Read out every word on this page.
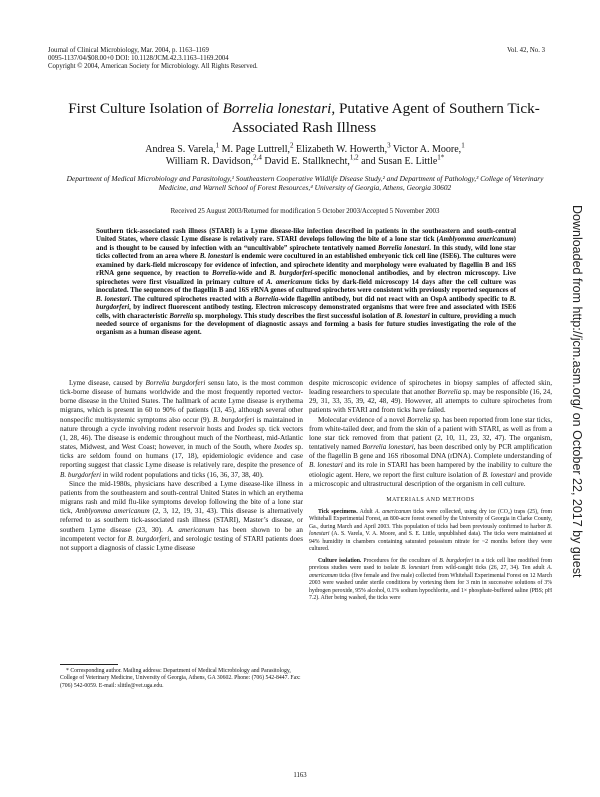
Journal of Clinical Microbiology, Mar. 2004, p. 1163–1169
0095-1137/04/$08.00+0 DOI: 10.1128/JCM.42.3.1163–1169.2004
Copyright © 2004, American Society for Microbiology. All Rights Reserved.
Vol. 42, No. 3
First Culture Isolation of Borrelia lonestari, Putative Agent of Southern Tick-Associated Rash Illness
Andrea S. Varela,$^1$ M. Page Luttrell,$^2$ Elizabeth W. Howerth,$^3$ Victor A. Moore,$^1$
William R. Davidson,$^{2,4}$ David E. Stallknecht,$^{1,2}$ and Susan E. Little$^{1*}$
Department of Medical Microbiology and Parasitology,¹ Southeastern Cooperative Wildlife Disease Study,² and Department of Pathology,³ College of Veterinary Medicine, and Warnell School of Forest Resources,⁴ University of Georgia, Athens, Georgia 30602
Received 25 August 2003/Returned for modification 5 October 2003/Accepted 5 November 2003
Southern tick-associated rash illness (STARI) is a Lyme disease-like infection described in patients in the southeastern and south-central United States, where classic Lyme disease is relatively rare. STARI develops following the bite of a lone star tick (Amblyomma americanum) and is thought to be caused by infection with an “uncultivable” spirochete tentatively named Borrelia lonestari. In this study, wild lone star ticks collected from an area where B. lonestari is endemic were cocultured in an established embryonic tick cell line (ISE6). The cultures were examined by dark-field microscopy for evidence of infection, and spirochete identity and morphology were evaluated by flagellin B and 16S rRNA gene sequence, by reaction to Borrelia-wide and B. burgdorferi-specific monoclonal antibodies, and by electron microscopy. Live spirochetes were first visualized in primary culture of A. americanum ticks by dark-field microscopy 14 days after the cell culture was inoculated. The sequences of the flagellin B and 16S rRNA genes of cultured spirochetes were consistent with previously reported sequences of B. lonestari. The cultured spirochetes reacted with a Borrelia-wide flagellin antibody, but did not react with an OspA antibody specific to B. burgdorferi, by indirect fluorescent antibody testing. Electron microscopy demonstrated organisms that were free and associated with ISE6 cells, with characteristic Borrelia sp. morphology. This study describes the first successful isolation of B. lonestari in culture, providing a much needed source of organisms for the development of diagnostic assays and forming a basis for future studies investigating the role of the organism as a human disease agent.

Lyme disease, caused by Borrelia burgdorferi sensu lato, is the most common tick-borne disease of humans worldwide and the most frequently reported vector-borne disease in the United States. The hallmark of acute Lyme disease is erythema migrans, which is present in 60 to 90% of patients (13, 45), although several other nonspecific multisystemic symptoms also occur (9). B. burgdorferi is maintained in nature through a cycle involving rodent reservoir hosts and Ixodes sp. tick vectors (1, 28, 46). The disease is endemic throughout much of the Northeast, mid-Atlantic states, Midwest, and West Coast; however, in much of the South, where Ixodes sp. ticks are seldom found on humans (17, 18), epidemiologic evidence and case reporting suggest that classic Lyme disease is relatively rare, despite the presence of B. burgdorferi in wild rodent populations and ticks (16, 36, 37, 38, 40).

Since the mid-1980s, physicians have described a Lyme disease-like illness in patients from the southeastern and south-central United States in which an erythema migrans rash and mild flu-like symptoms develop following the bite of a lone star tick, Amblyomma americanum (2, 3, 12, 19, 31, 43). This disease is alternatively referred to as southern tick-associated rash illness (STARI), Master’s disease, or southern Lyme disease (23, 30). A. americanum has been shown to be an incompetent vector for B. burgdorferi, and serologic testing of STARI patients does not support a diagnosis of classic Lyme disease

despite microscopic evidence of spirochetes in biopsy samples of affected skin, leading researchers to speculate that another Borrelia sp. may be responsible (16, 24, 29, 31, 33, 35, 39, 42, 48, 49). However, all attempts to culture spirochetes from patients with STARI and from ticks have failed.

Molecular evidence of a novel Borrelia sp. has been reported from lone star ticks, from white-tailed deer, and from the skin of a patient with STARI, as well as from a lone star tick removed from that patient (2, 10, 11, 23, 32, 47). The organism, tentatively named Borrelia lonestari, has been described only by PCR amplification of the flagellin B gene and 16S ribosomal DNA (rDNA). Complete understanding of B. lonestari and its role in STARI has been hampered by the inability to culture the etiologic agent. Here, we report the first culture isolation of B. lonestari and provide a microscopic and ultrastructural description of the organism in cell culture.

MATERIALS AND METHODS

Tick specimens. Adult A. americanum ticks were collected, using dry ice (CO₂) traps (25), from Whitehall Experimental Forest, an 800-acre forest owned by the University of Georgia in Clarke County, Ga., during March and April 2003. This population of ticks had been previously confirmed to harbor B. lonestari (A. S. Varela, V. A. Moore, and S. E. Little, unpublished data). The ticks were maintained at 94% humidity in chambers containing saturated potassium nitrate for ~2 months before they were cultured.

Culture isolation. Procedures for the coculture of B. burgdorferi in a tick cell line modified from previous studies were used to isolate B. lonestari from wild-caught ticks (26, 27, 34). Ten adult A. americanum ticks (five female and five male) collected from Whitehall Experimental Forest on 12 March 2003 were washed under sterile conditions by vortexing them for 3 min in successive solutions of 3% hydrogen peroxide, 95% alcohol, 0.1% sodium hypochlorite, and 1× phosphate-buffered saline (PBS; pH 7.2). After being washed, the ticks were

* Corresponding author. Mailing address: Department of Medical Microbiology and Parasitology, College of Veterinary Medicine, University of Georgia, Athens, GA 30602. Phone: (706) 542-8447. Fax: (706) 542-0059. E-mail: slittle@vet.uga.edu.

1163
Downloaded from http://jcm.asm.org/ on October 22, 2017 by guest
